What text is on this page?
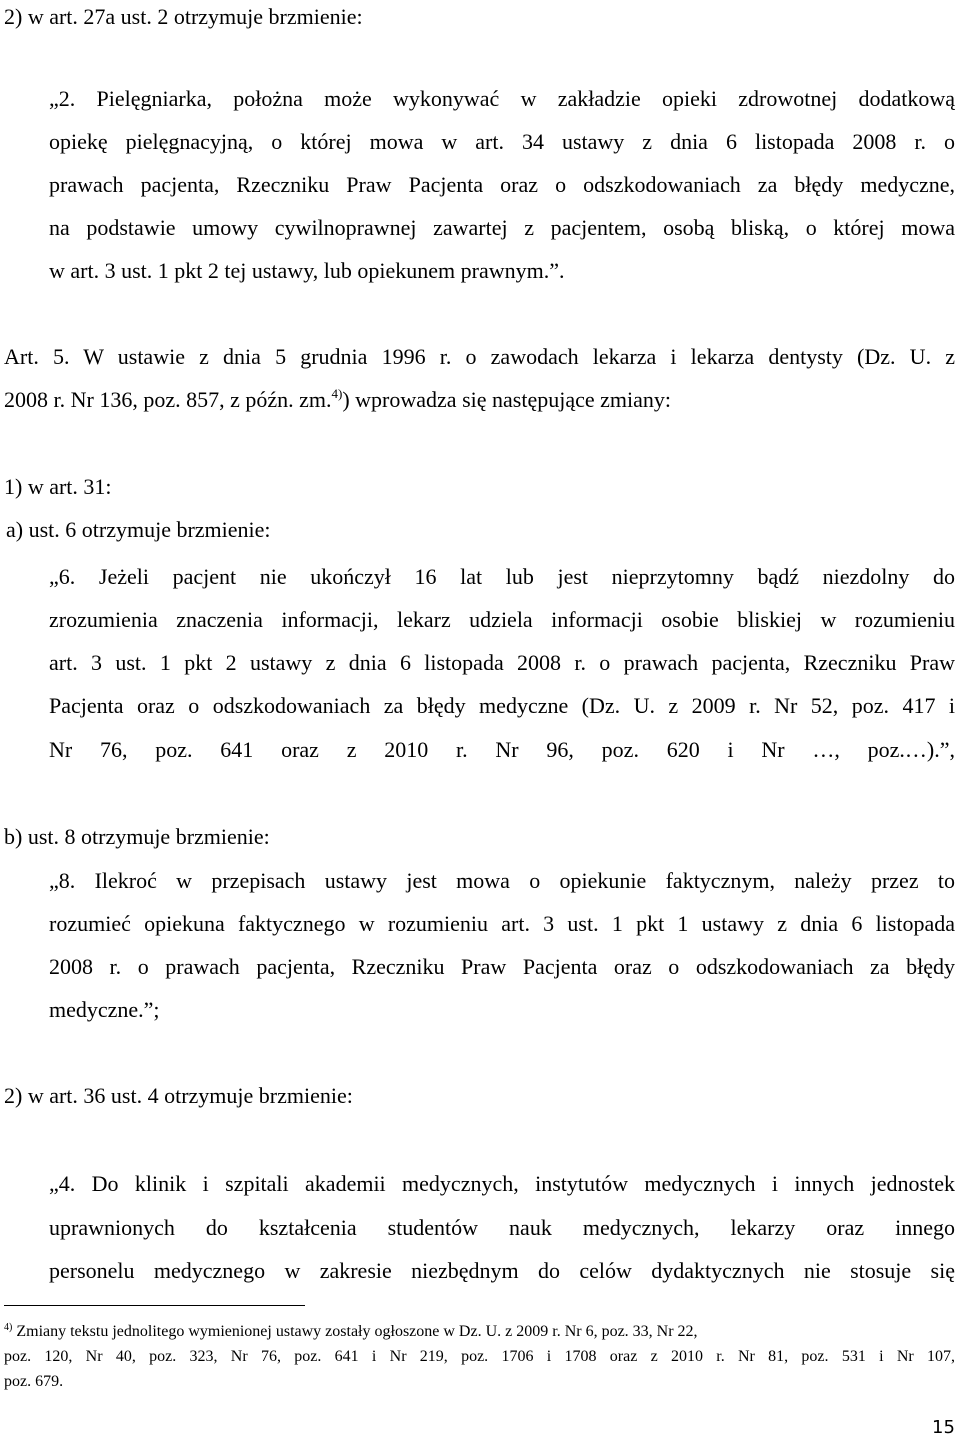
2) w art. 27a ust. 2 otrzymuje brzmienie:
„2. Pielęgniarka, położna może wykonywać w zakładzie opieki zdrowotnej dodatkową
opiekę pielęgnacyjną, o której mowa w art. 34 ustawy z dnia 6 listopada 2008 r. o
prawach pacjenta, Rzeczniku Praw Pacjenta oraz o odszkodowaniach za błędy medyczne,
na podstawie umowy cywilnoprawnej zawartej z pacjentem, osobą bliską, o której mowa
w art. 3 ust. 1 pkt 2 tej ustawy, lub opiekunem prawnym.”.
Art. 5. W ustawie z dnia 5 grudnia 1996 r. o zawodach lekarza i lekarza dentysty (Dz. U. z
2008 r. Nr 136, poz. 857, z późn. zm.$^{4)}$) wprowadza się następujące zmiany:
1) w art. 31:
a) ust. 6 otrzymuje brzmienie:
„6. Jeżeli pacjent nie ukończył 16 lat lub jest nieprzytomny bądź niezdolny do
zrozumienia znaczenia informacji, lekarz udziela informacji osobie bliskiej w rozumieniu
art. 3 ust. 1 pkt 2 ustawy z dnia 6 listopada 2008 r. o prawach pacjenta, Rzeczniku Praw
Pacjenta oraz o odszkodowaniach za błędy medyczne (Dz. U. z 2009 r. Nr 52, poz. 417 i
Nr 76, poz. 641 oraz z 2010 r. Nr 96, poz. 620 i Nr …, poz.…).”,
b) ust. 8 otrzymuje brzmienie:
„8. Ilekroć w przepisach ustawy jest mowa o opiekunie faktycznym, należy przez to
rozumieć opiekuna faktycznego w rozumieniu art. 3 ust. 1 pkt 1 ustawy z dnia 6 listopada
2008 r. o prawach pacjenta, Rzeczniku Praw Pacjenta oraz o odszkodowaniach za błędy
medyczne.”;
2) w art. 36 ust. 4 otrzymuje brzmienie:
„4. Do klinik i szpitali akademii medycznych, instytutów medycznych i innych jednostek
uprawnionych do kształcenia studentów nauk medycznych, lekarzy oraz innego
personelu medycznego w zakresie niezbędnym do celów dydaktycznych nie stosuje się
$^{4)}$ Zmiany tekstu jednolitego wymienionej ustawy zostały ogłoszone w Dz. U. z 2009 r. Nr 6, poz. 33, Nr 22,
poz. 120, Nr 40, poz. 323, Nr 76, poz. 641 i Nr 219, poz. 1706 i 1708 oraz z 2010 r. Nr 81, poz. 531 i Nr 107,
poz. 679.
15
